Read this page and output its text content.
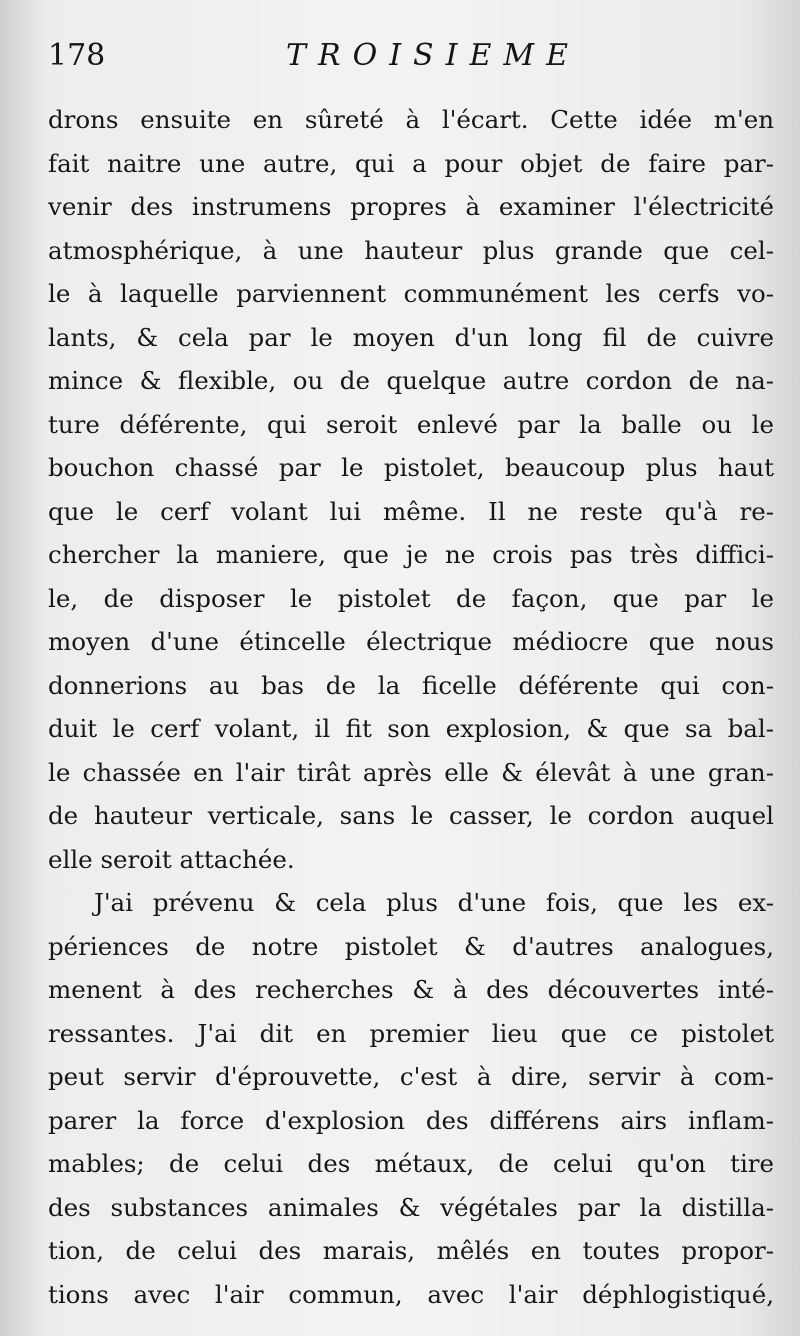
178	TROISIEME
drons ensuite en sûreté à l'écart. Cette idée m'en
fait naitre une autre, qui a pour objet de faire par-
venir des instrumens propres à examiner l'électricité
atmosphérique, à une hauteur plus grande que cel-
le à laquelle parviennent communément les cerfs vo-
lants, & cela par le moyen d'un long fil de cuivre
mince & flexible, ou de quelque autre cordon de na-
ture déférente, qui seroit enlevé par la balle ou le
bouchon chassé par le pistolet, beaucoup plus haut
que le cerf volant lui même. Il ne reste qu'à re-
chercher la maniere, que je ne crois pas très diffici-
le, de disposer le pistolet de façon, que par le
moyen d'une étincelle électrique médiocre que nous
donnerions au bas de la ficelle déférente qui con-
duit le cerf volant, il fit son explosion, & que sa bal-
le chassée en l'air tirât après elle & élevât à une gran-
de hauteur verticale, sans le casser, le cordon auquel
elle seroit attachée.
J'ai prévenu & cela plus d'une fois, que les ex-
périences de notre pistolet & d'autres analogues,
menent à des recherches & à des découvertes inté-
ressantes. J'ai dit en premier lieu que ce pistolet
peut servir d'éprouvette, c'est à dire, servir à com-
parer la force d'explosion des différens airs inflam-
mables; de celui des métaux, de celui qu'on tire
des substances animales & végétales par la distilla-
tion, de celui des marais, mêlés en toutes propor-
tions avec l'air commun, avec l'air déphlogistiqué,
